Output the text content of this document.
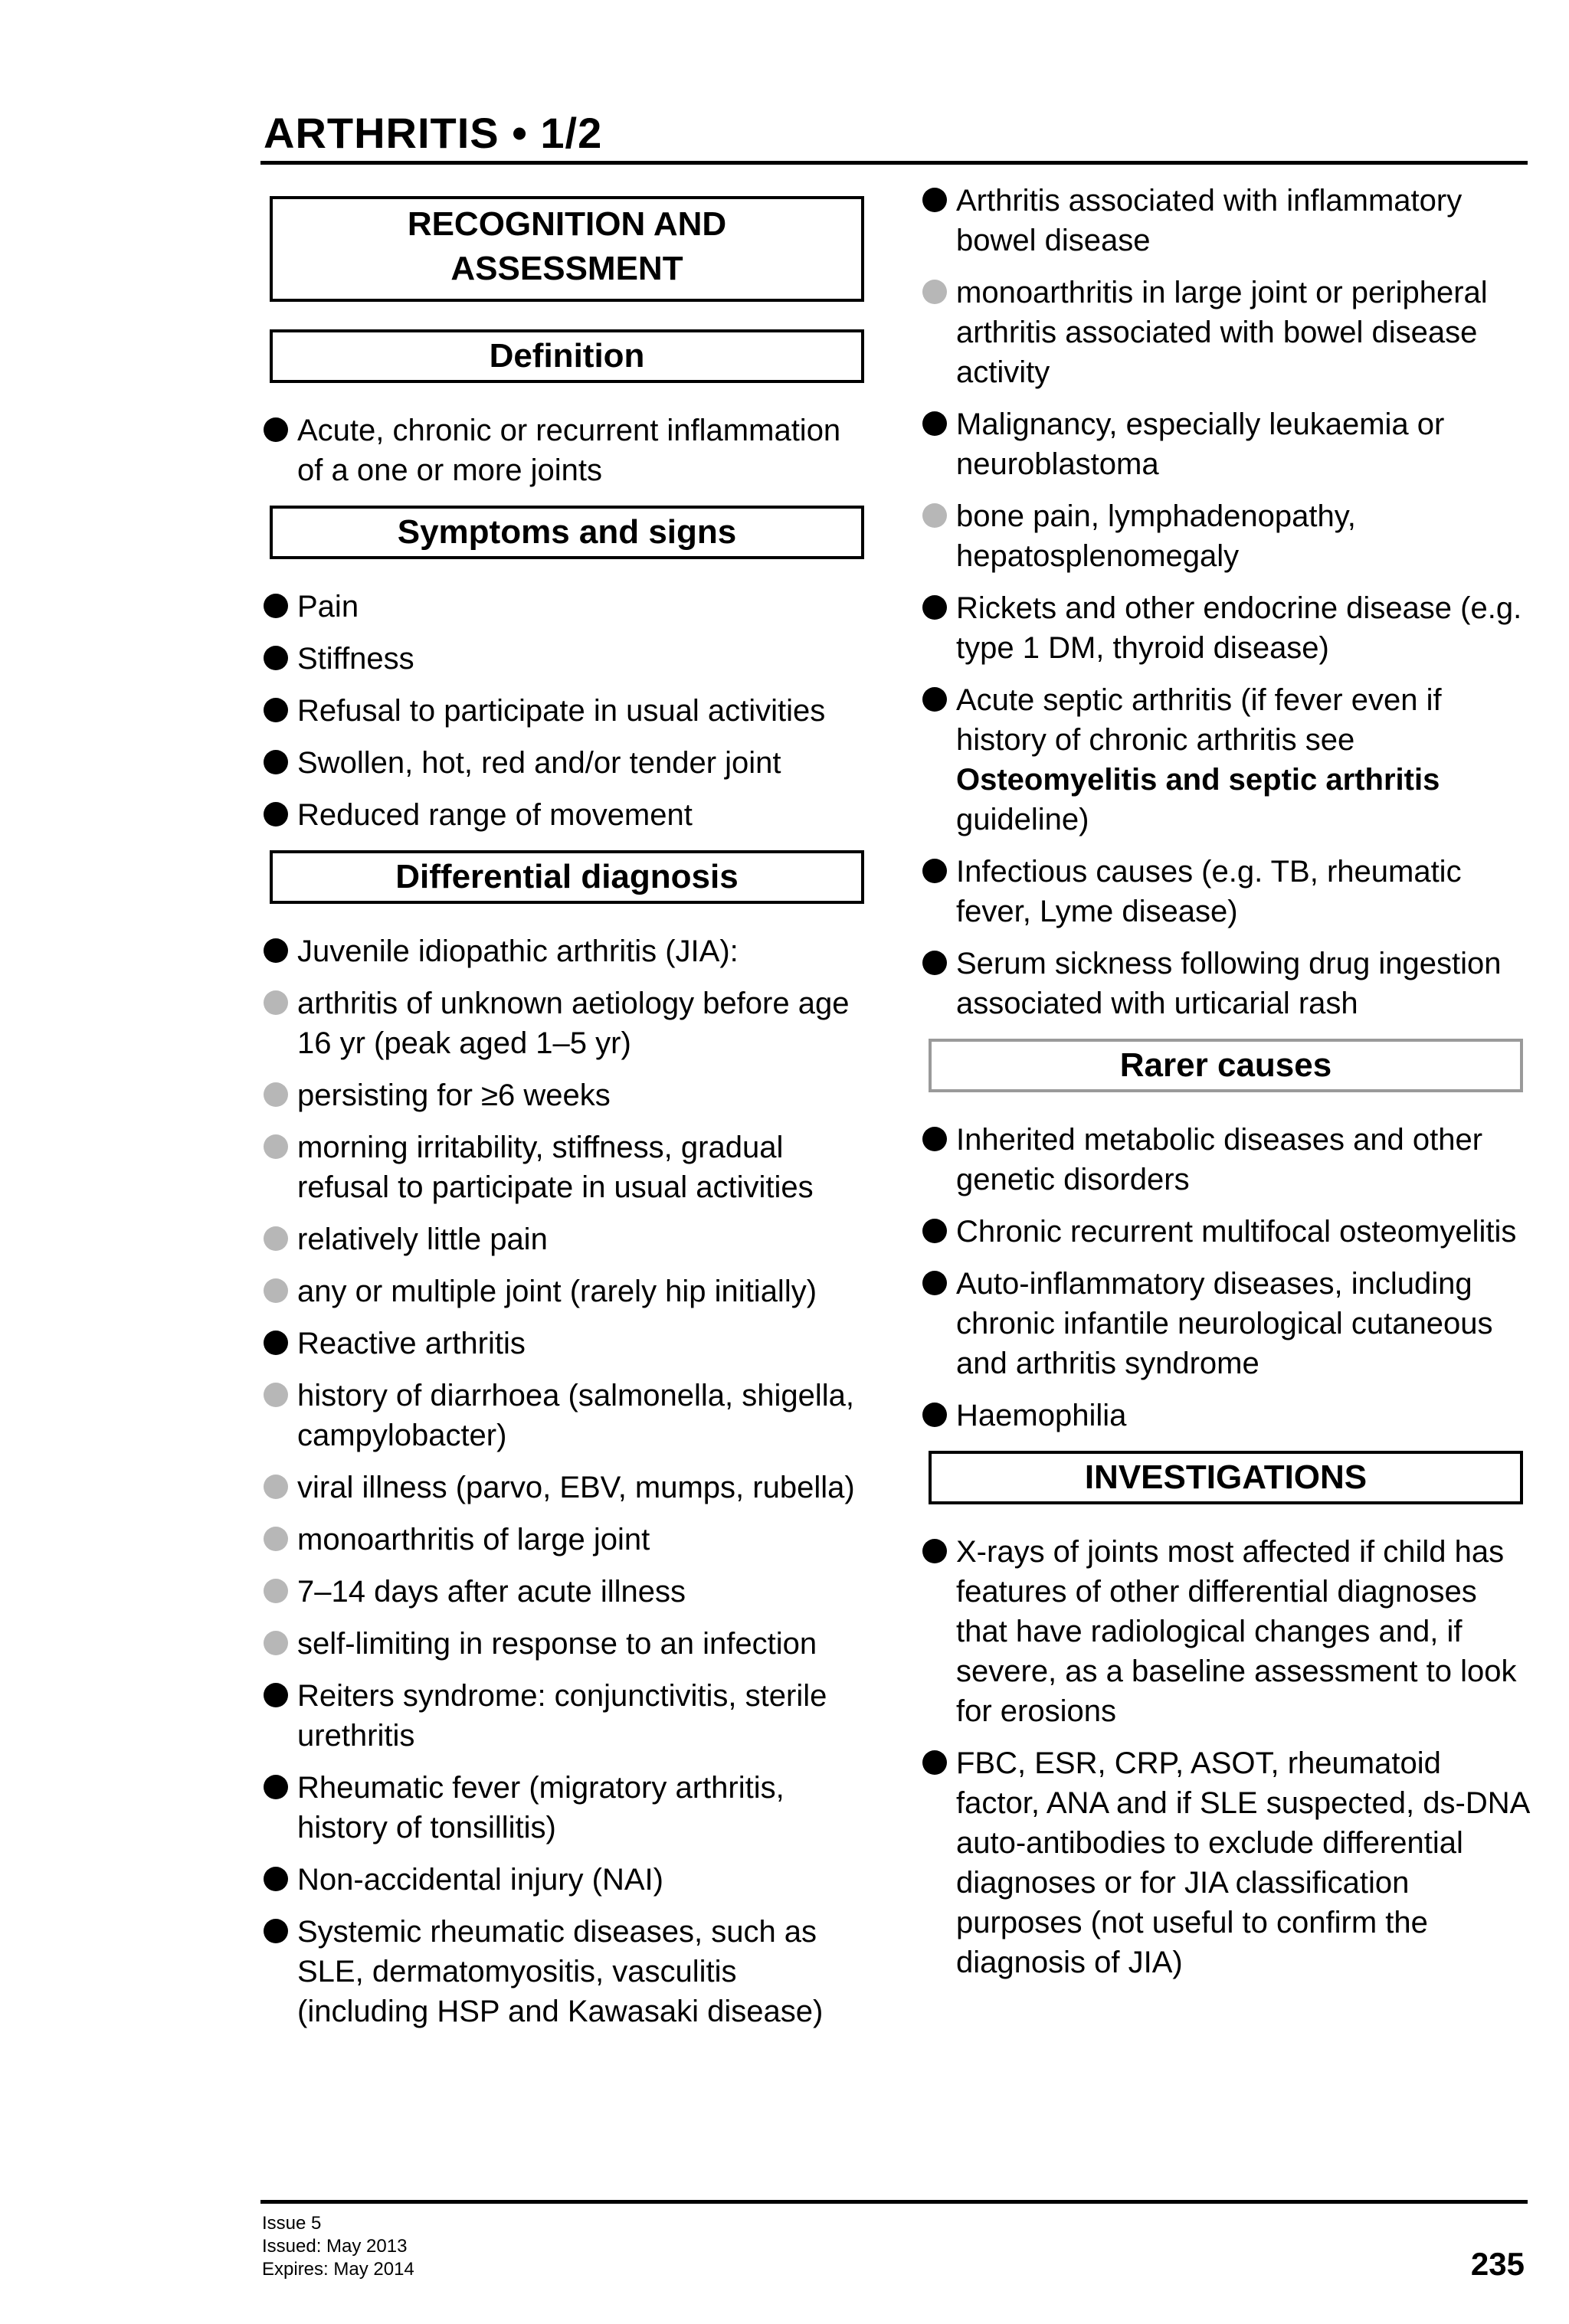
ARTHRITIS • 1/2
RECOGNITION AND ASSESSMENT
Definition
Acute, chronic or recurrent inflammation of a one or more joints
Symptoms and signs
Pain
Stiffness
Refusal to participate in usual activities
Swollen, hot, red and/or tender joint
Reduced range of movement
Differential diagnosis
Juvenile idiopathic arthritis (JIA):
arthritis of unknown aetiology before age 16 yr (peak aged 1–5 yr)
persisting for ≥6 weeks
morning irritability, stiffness, gradual refusal to participate in usual activities
relatively little pain
any or multiple joint (rarely hip initially)
Reactive arthritis
history of diarrhoea (salmonella, shigella, campylobacter)
viral illness (parvo, EBV, mumps, rubella)
monoarthritis of large joint
7–14 days after acute illness
self-limiting in response to an infection
Reiters syndrome: conjunctivitis, sterile urethritis
Rheumatic fever (migratory arthritis, history of tonsillitis)
Non-accidental injury (NAI)
Systemic rheumatic diseases, such as SLE, dermatomyositis, vasculitis (including HSP and Kawasaki disease)
Arthritis associated with inflammatory bowel disease
monoarthritis in large joint or peripheral arthritis associated with bowel disease activity
Malignancy, especially leukaemia or neuroblastoma
bone pain, lymphadenopathy, hepatosplenomegaly
Rickets and other endocrine disease (e.g. type 1 DM, thyroid disease)
Acute septic arthritis (if fever even if history of chronic arthritis see Osteomyelitis and septic arthritis guideline)
Infectious causes (e.g. TB, rheumatic fever, Lyme disease)
Serum sickness following drug ingestion associated with urticarial rash
Rarer causes
Inherited metabolic diseases and other genetic disorders
Chronic recurrent multifocal osteomyelitis
Auto-inflammatory diseases, including chronic infantile neurological cutaneous and arthritis syndrome
Haemophilia
INVESTIGATIONS
X-rays of joints most affected if child has features of other differential diagnoses that have radiological changes and, if severe, as a baseline assessment to look for erosions
FBC, ESR, CRP, ASOT, rheumatoid factor, ANA and if SLE suspected, ds-DNA auto-antibodies to exclude differential diagnoses or for JIA classification purposes (not useful to confirm the diagnosis of JIA)
Issue 5
Issued: May 2013
Expires: May 2014	235
